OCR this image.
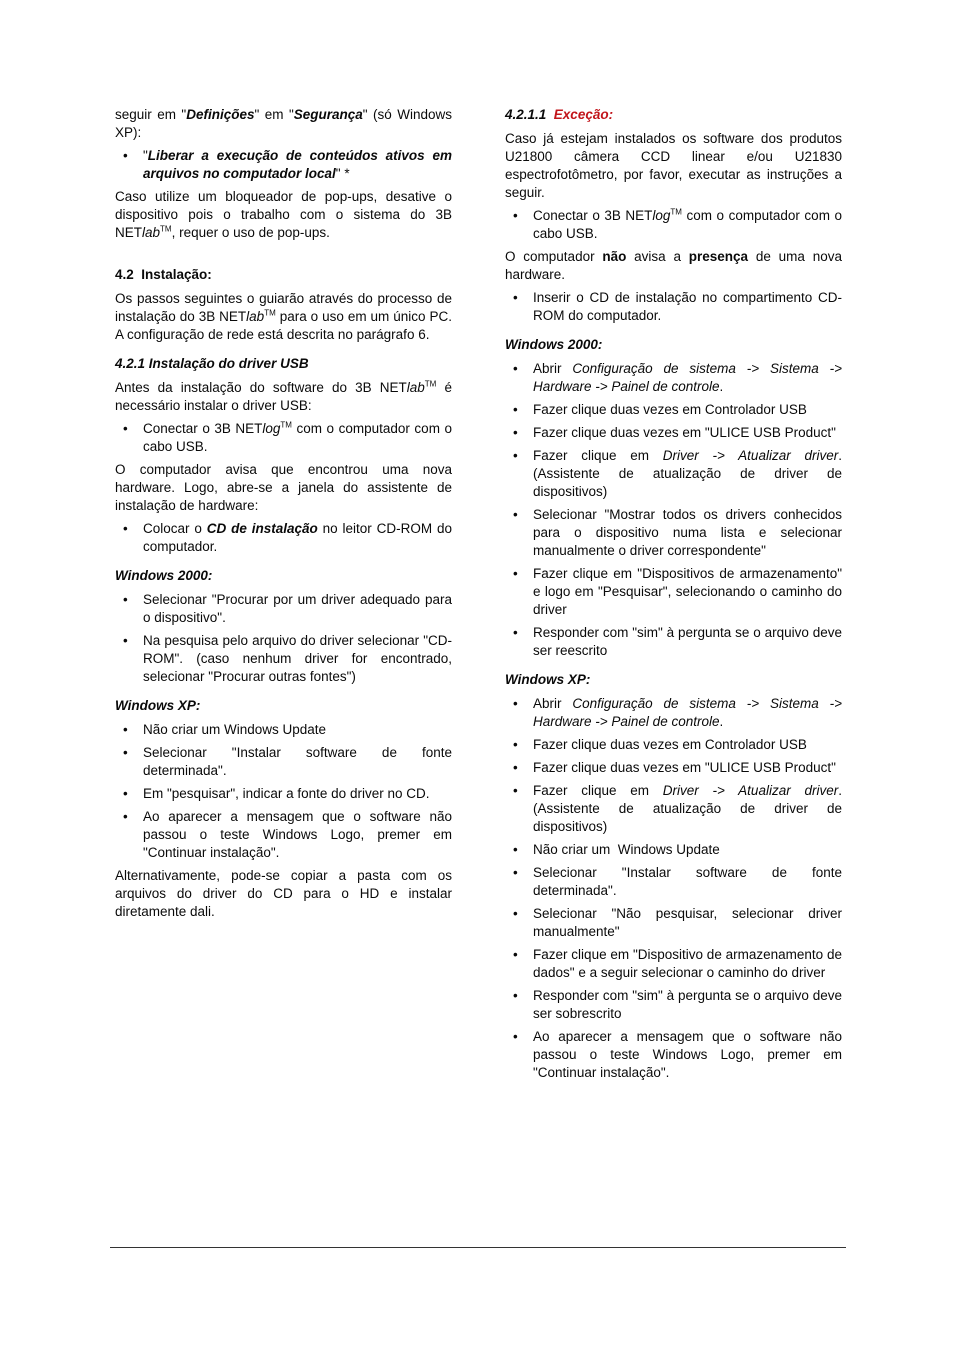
seguir em "Definições" em "Segurança" (só Windows XP):
• "Liberar a execução de conteúdos ativos em arquivos no computador local" *
Caso utilize um bloqueador de pop-ups, desative o dispositivo pois o trabalho com o sistema do 3B NETlab™, requer o uso de pop-ups.
4.2  Instalação:
Os passos seguintes o guiarão através do processo de instalação do 3B NETlab™ para o uso em um único PC. A configuração de rede está descrita no parágrafo 6.
4.2.1 Instalação do driver USB
Antes da instalação do software do 3B NETlab™ é necessário instalar o driver USB:
• Conectar o 3B NETlog™ com o computador com o cabo USB.
O computador avisa que encontrou uma nova hardware. Logo, abre-se a janela do assistente de instalação de hardware:
• Colocar o CD de instalação no leitor CD-ROM do computador.
Windows 2000:
• Selecionar "Procurar por um driver adequado para o dispositivo".
• Na pesquisa pelo arquivo do driver selecionar "CD-ROM". (caso nenhum driver for encontrado, selecionar "Procurar outras fontes")
Windows XP:
• Não criar um Windows Update
• Selecionar "Instalar software de fonte determinada".
• Em "pesquisar", indicar a fonte do driver no CD.
• Ao aparecer a mensagem que o software não passou o teste Windows Logo, premer em "Continuar instalação".
Alternativamente, pode-se copiar a pasta com os arquivos do driver do CD para o HD e instalar diretamente dali.
4.2.1.1  Exceção:
Caso já estejam instalados os software dos produtos U21800 câmera CCD linear e/ou U21830 espectrofotômetro, por favor, executar as instruções a seguir.
• Conectar o 3B NETlog™ com o computador com o cabo USB.
O computador não avisa a presença de uma nova hardware.
• Inserir o CD de instalação no compartimento CD-ROM do computador.
Windows 2000:
• Abrir Configuração de sistema -> Sistema -> Hardware -> Painel de controle.
• Fazer clique duas vezes em Controlador USB
• Fazer clique duas vezes em "ULICE USB Product"
• Fazer clique em Driver -> Atualizar driver. (Assistente de atualização de driver de dispositivos)
• Selecionar "Mostrar todos os drivers conhecidos para o dispositivo numa lista e selecionar manualmente o driver correspondente"
• Fazer clique em "Dispositivos de armazenamento" e logo em "Pesquisar", selecionando o caminho do driver
• Responder com "sim" à pergunta se o arquivo deve ser reescrito
Windows XP:
• Abrir Configuração de sistema -> Sistema -> Hardware -> Painel de controle.
• Fazer clique duas vezes em Controlador USB
• Fazer clique duas vezes em "ULICE USB Product"
• Fazer clique em Driver -> Atualizar driver. (Assistente de atualização de driver de dispositivos)
• Não criar um  Windows Update
• Selecionar "Instalar software de fonte determinada".
• Selecionar "Não pesquisar, selecionar driver manualmente"
• Fazer clique em "Dispositivo de armazenamento de dados" e a seguir selecionar o caminho do driver
• Responder com "sim" à pergunta se o arquivo deve ser sobrescrito
• Ao aparecer a mensagem que o software não passou o teste Windows Logo, premer em "Continuar instalação".
